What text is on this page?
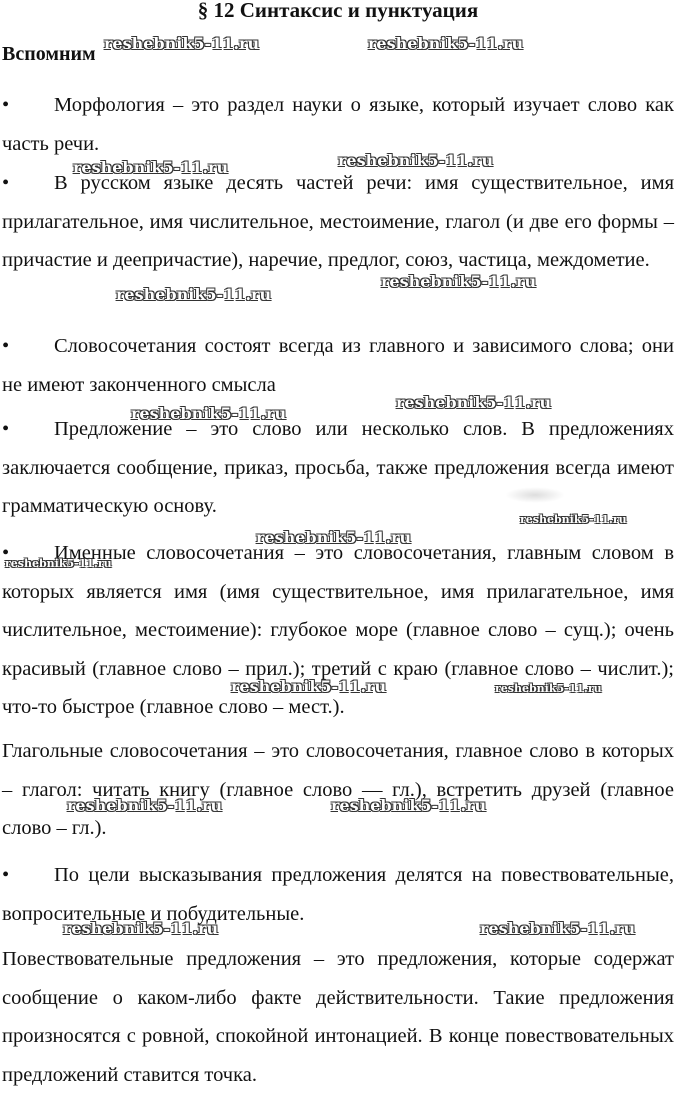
§ 12 Синтаксис и пунктуация
Вспомним

• Морфология – это раздел науки о языке, который изучает слово как часть речи.

• В русском языке десять частей речи: имя существительное, имя прилагательное, имя числительное, местоимение, глагол (и две его формы – причастие и деепричастие), наречие, предлог, союз, частица, междометие.

• Словосочетания состоят всегда из главного и зависимого слова; они не имеют законченного смысла

• Предложение – это слово или несколько слов. В предложениях заключается сообщение, приказ, просьба, также предложения всегда имеют грамматическую основу.

• Именные словосочетания – это словосочетания, главным словом в которых является имя (имя существительное, имя прилагательное, имя числительное, местоимение): глубокое море (главное слово – сущ.); очень красивый (главное слово – прил.); третий с краю (главное слово – числит.); что-то быстрое (главное слово – мест.).

Глагольные словосочетания – это словосочетания, главное слово в которых – глагол: читать книгу (главное слово — гл.), встретить друзей (главное слово – гл.).

• По цели высказывания предложения делятся на повествовательные, вопросительные и побудительные.

Повествовательные предложения – это предложения, которые содержат сообщение о каком-либо факте действительности. Такие предложения произносятся с ровной, спокойной интонацией. В конце повествовательных предложений ставится точка.

reshebnik5-11.ru	reshebnik5-11.ru
reshebnik5-11.ru	reshebnik5-11.ru
reshebnik5-11.ru
reshebnik5-11.ru
reshebnik5-11.ru
reshebnik5-11.ru
reshebnik5-11.ru
reshebnik5-11.ru
reshebnik5-11.ru
reshebnik5-11.ru	reshebnik5-11.ru
reshebnik5-11.ru	reshebnik5-11.ru
reshebnik5-11.ru	reshebnik5-11.ru
